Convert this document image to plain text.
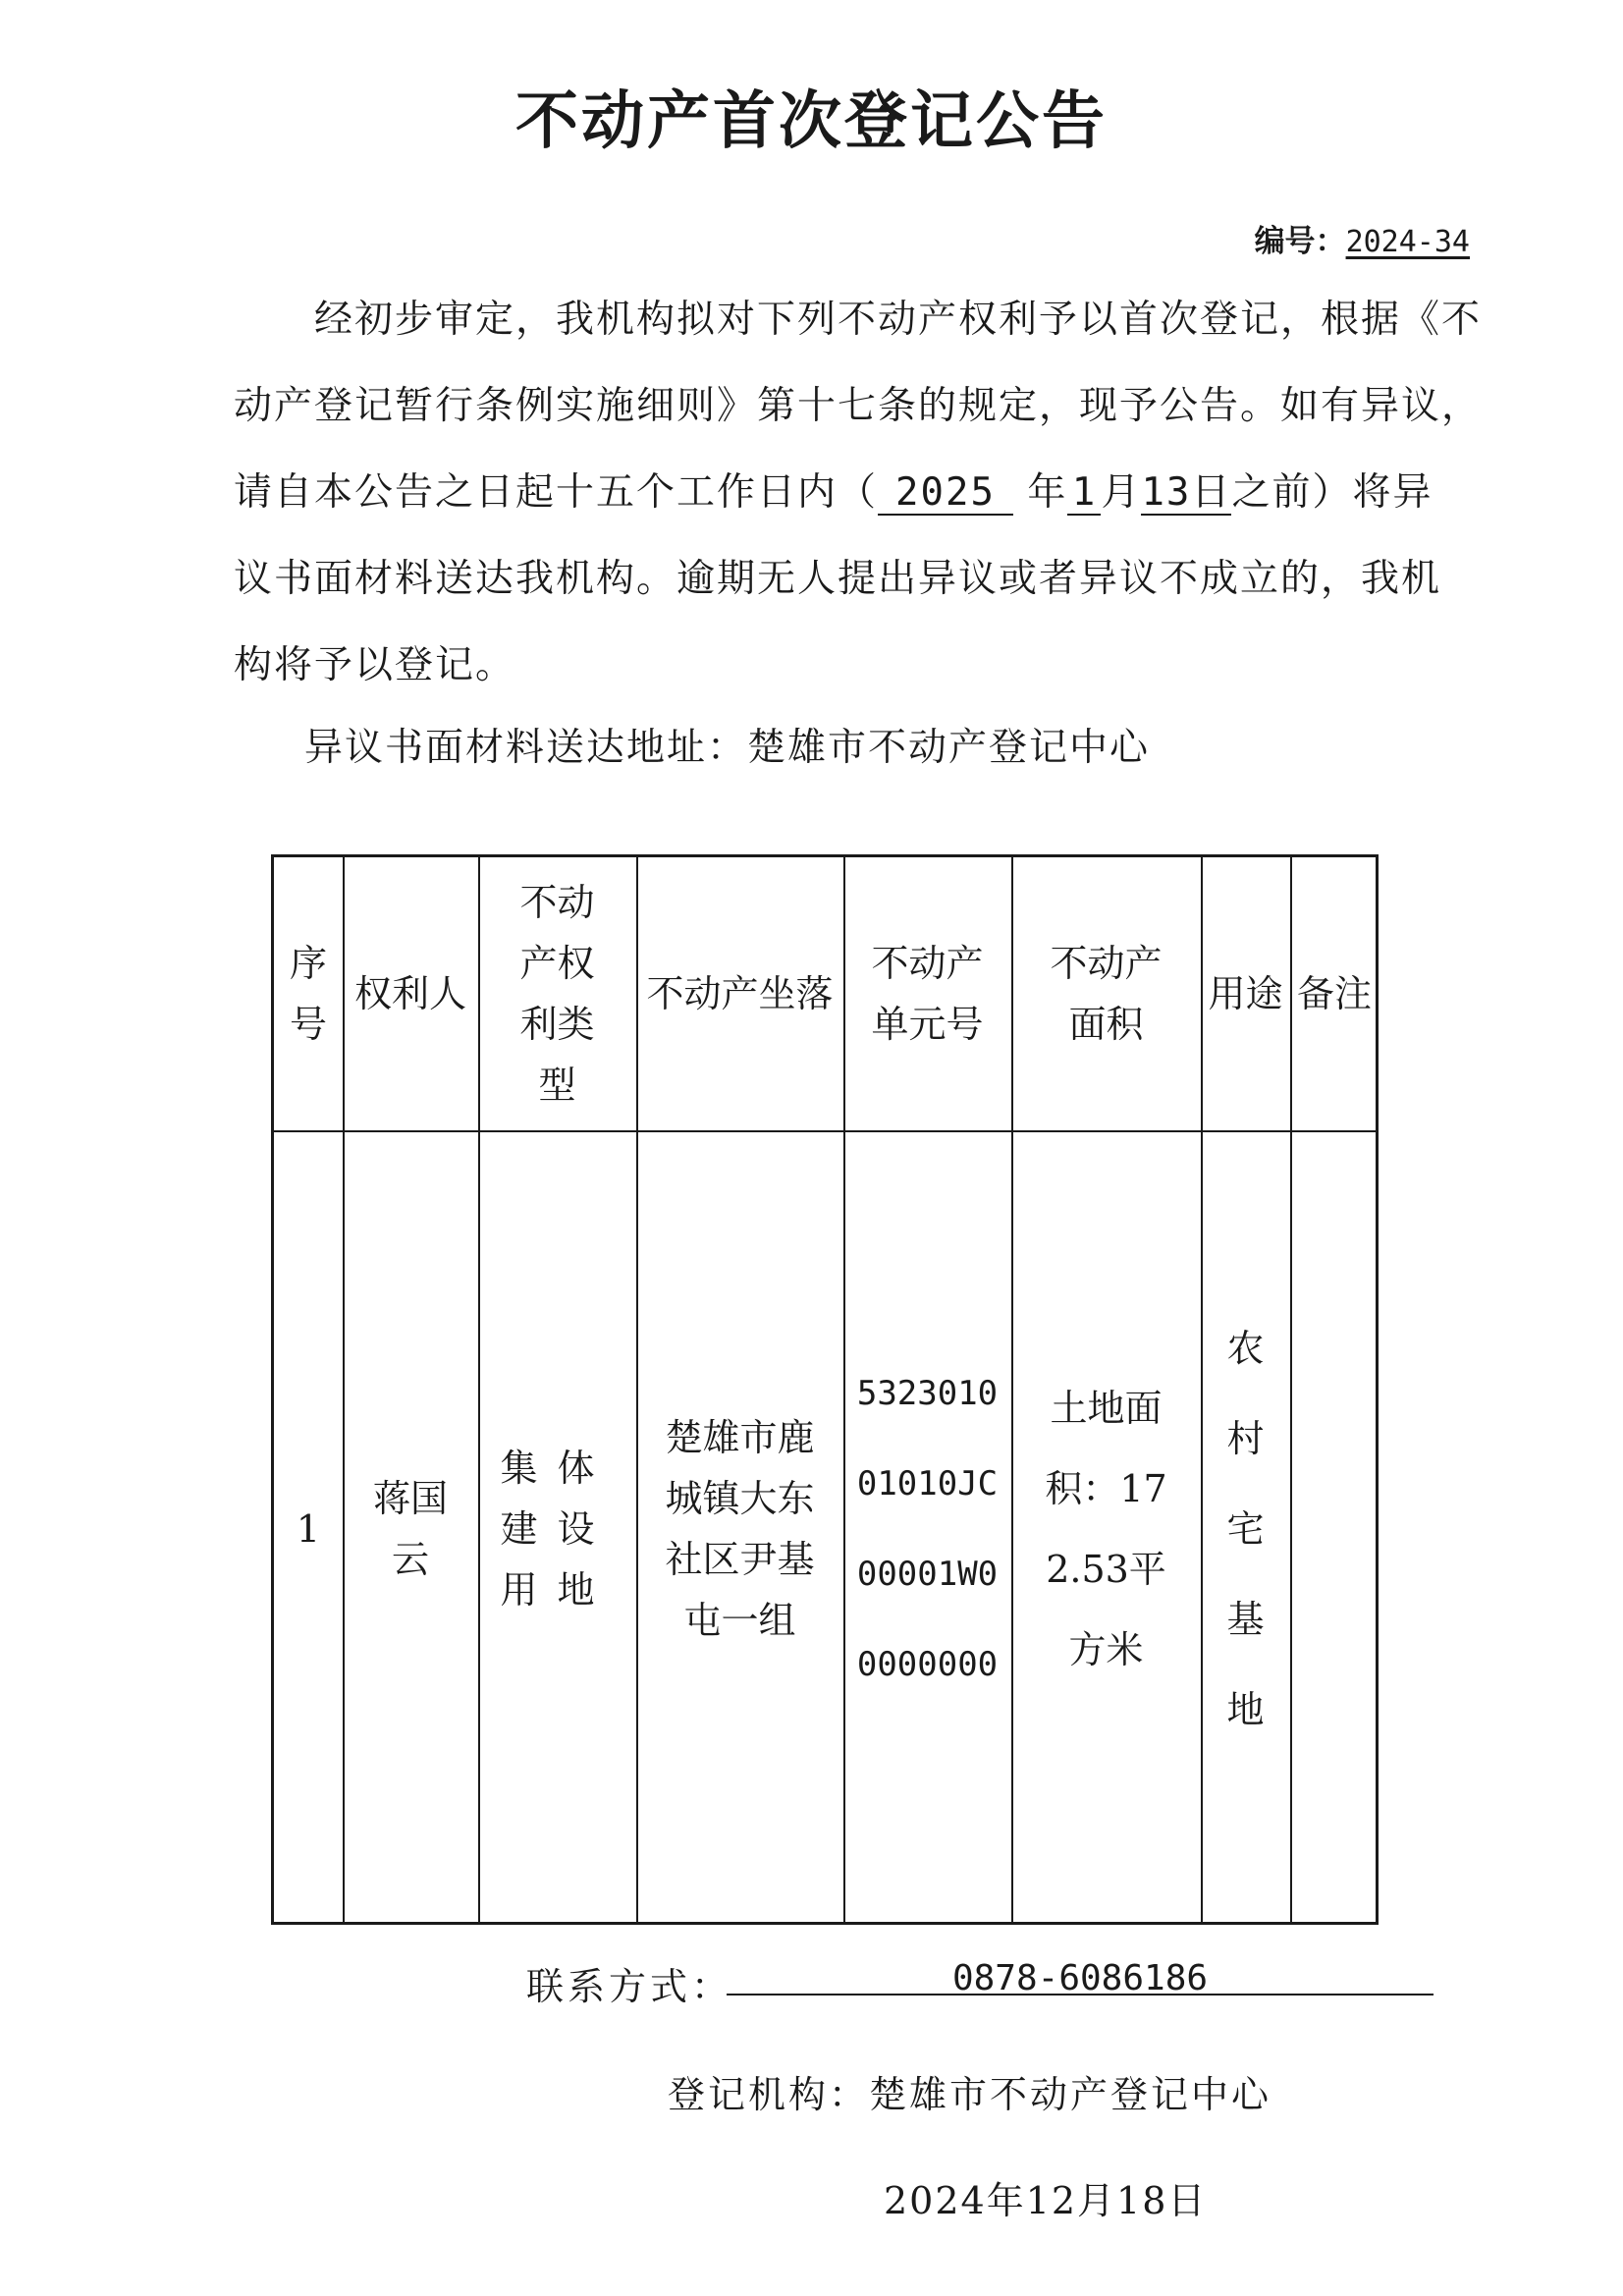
不动产首次登记公告
编号：2024-34
经初步审定，我机构拟对下列不动产权利予以首次登记，根据《不
动产登记暂行条例实施细则》第十七条的规定，现予公告。如有异议，
请自本公告之日起十五个工作日内（ 2025 年 1 月13日之前）将异
议书面材料送达我机构。逾期无人提出异议或者异议不成立的，我机
构将予以登记。
异议书面材料送达地址：楚雄市不动产登记中心
序号
权利人
不动产权利类型
不动产坐落
不动产单元号
不动产面积
用途 备注
1
蒋国云
集体建设用地
楚雄市鹿城镇大东社区尹基屯一组
532301001010JC00001W00000000
土地面积：172.53平方米
农村宅基地
联系方式：	0878-6086186
登记机构：楚雄市不动产登记中心
2024年12月18日
